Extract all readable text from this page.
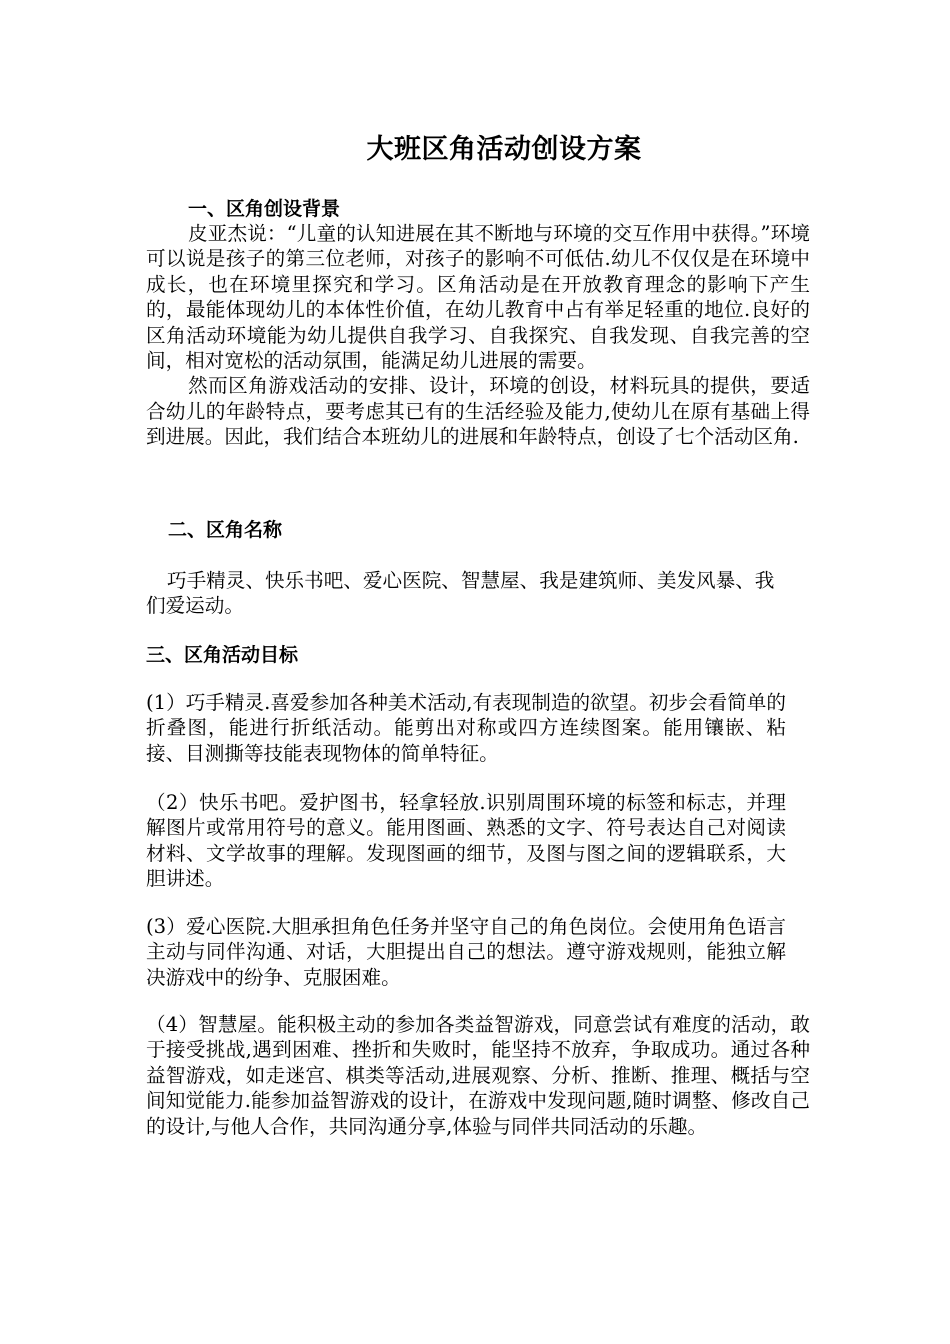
大班区角活动创设方案
一、区角创设背景

皮亚杰说：“儿童的认知进展在其不断地与环境的交互作用中获得。”环境可以说是孩子的第三位老师，对孩子的影响不可低估.幼儿不仅仅是在环境中成长，也在环境里探究和学习。区角活动是在开放教育理念的影响下产生的，最能体现幼儿的本体性价值，在幼儿教育中占有举足轻重的地位.良好的区角活动环境能为幼儿提供自我学习、自我探究、自我发现、自我完善的空间，相对宽松的活动氛围，能满足幼儿进展的需要。

然而区角游戏活动的安排、设计，环境的创设，材料玩具的提供，要适合幼儿的年龄特点，要考虑其已有的生活经验及能力,使幼儿在原有基础上得到进展。因此，我们结合本班幼儿的进展和年龄特点，创设了七个活动区角.

二、区角名称
巧手精灵、快乐书吧、爱心医院、智慧屋、我是建筑师、美发风暴、我们爱运动。
三、区角活动目标
(1）巧手精灵.喜爱参加各种美术活动,有表现制造的欲望。初步会看简单的折叠图，能进行折纸活动。能剪出对称或四方连续图案。能用镶嵌、粘接、目测撕等技能表现物体的简单特征。
（2）快乐书吧。爱护图书，轻拿轻放.识别周围环境的标签和标志，并理解图片或常用符号的意义。能用图画、熟悉的文字、符号表达自己对阅读材料、文学故事的理解。发现图画的细节，及图与图之间的逻辑联系，大胆讲述。
(3）爱心医院.大胆承担角色任务并坚守自己的角色岗位。会使用角色语言主动与同伴沟通、对话，大胆提出自己的想法。遵守游戏规则，能独立解决游戏中的纷争、克服困难。
（4）智慧屋。能积极主动的参加各类益智游戏，同意尝试有难度的活动，敢于接受挑战,遇到困难、挫折和失败时，能坚持不放弃，争取成功。通过各种益智游戏，如走迷宫、棋类等活动,进展观察、分析、推断、推理、概括与空间知觉能力.能参加益智游戏的设计，在游戏中发现问题,随时调整、修改自己的设计,与他人合作，共同沟通分享,体验与同伴共同活动的乐趣。
